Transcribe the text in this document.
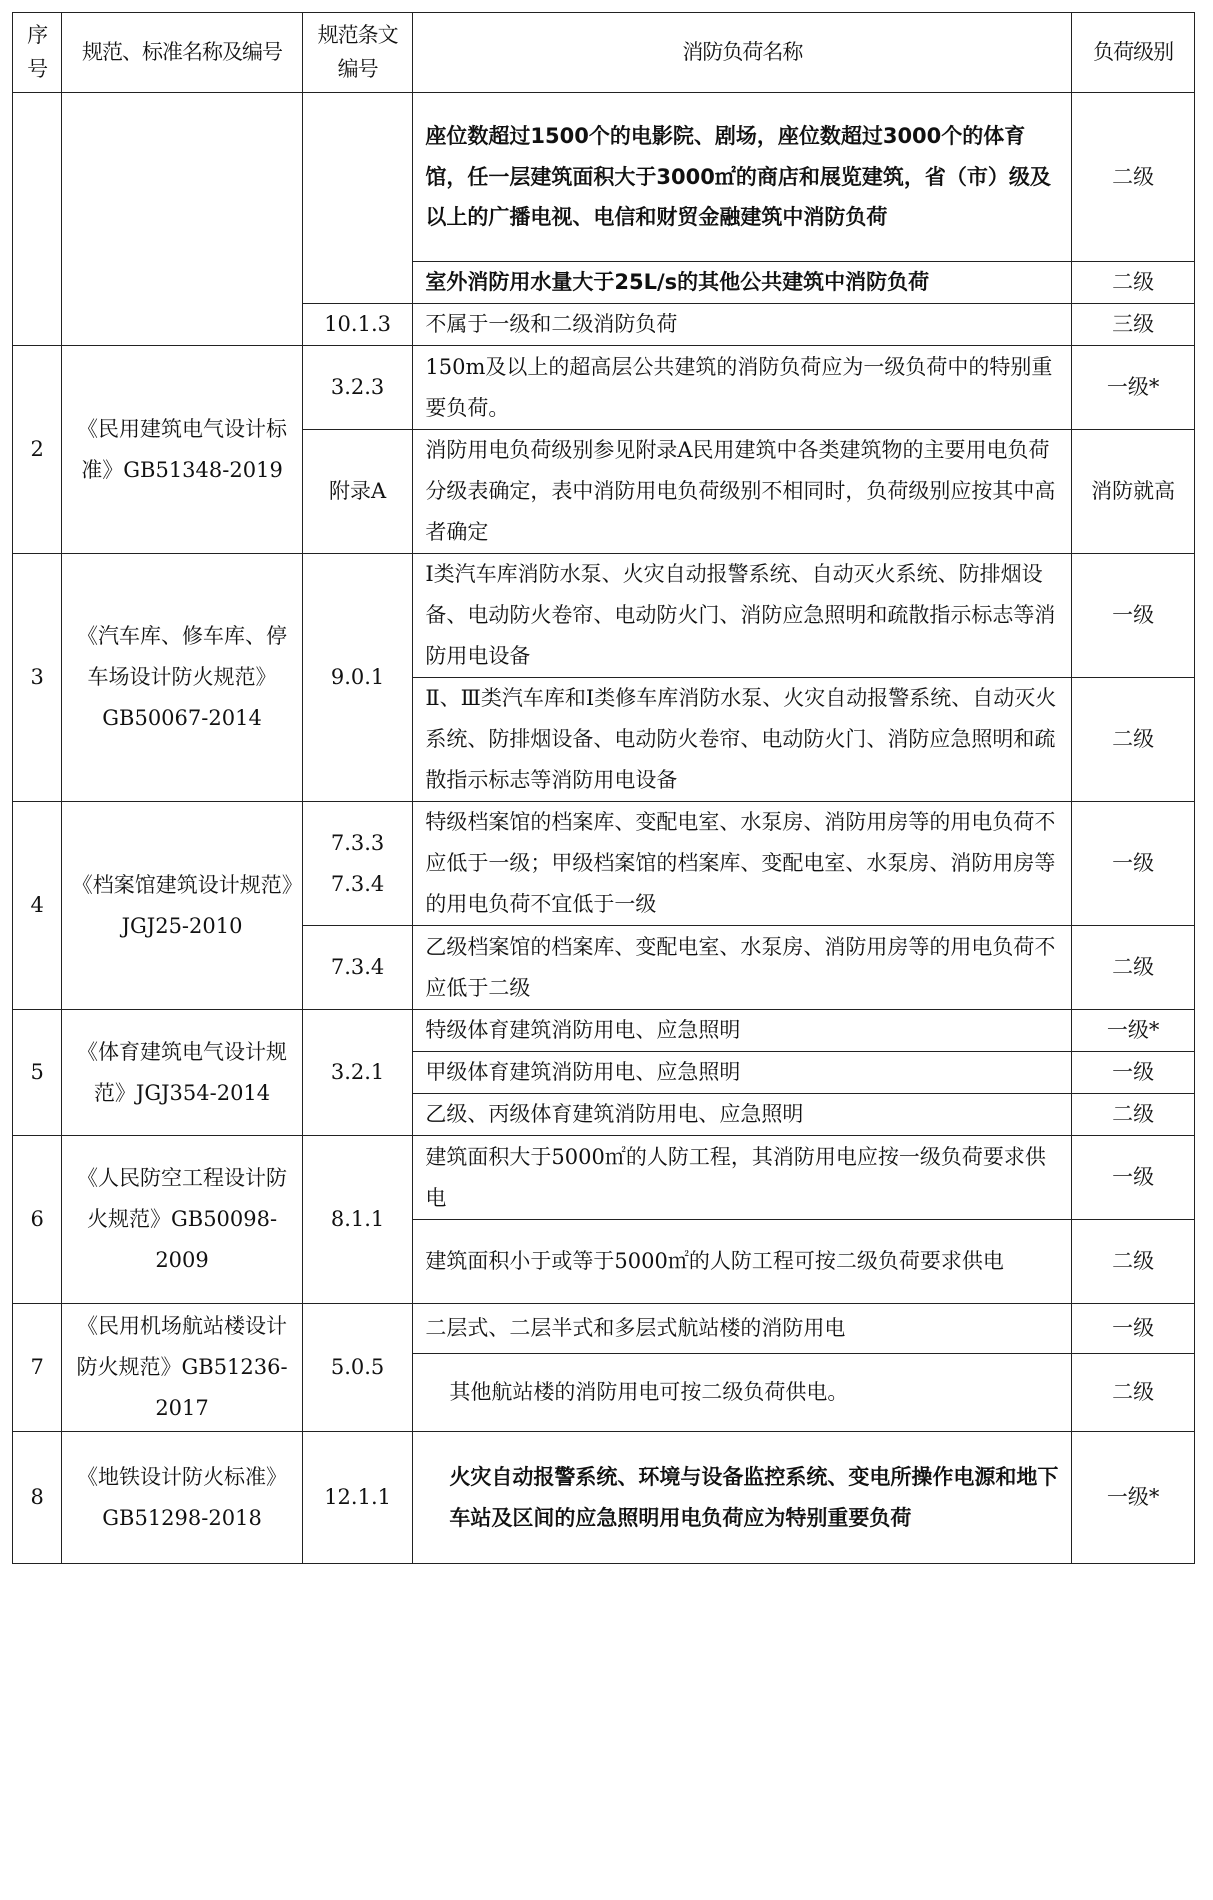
序号	规范、标准名称及编号	规范条文编号	消防负荷名称	负荷级别
			座位数超过1500个的电影院、剧场，座位数超过3000个的体育馆，任一层建筑面积大于3000㎡的商店和展览建筑，省（市）级及以上的广播电视、电信和财贸金融建筑中消防负荷	二级
			室外消防用水量大于25L/s的其他公共建筑中消防负荷	二级
		10.1.3	不属于一级和二级消防负荷	三级
2	《民用建筑电气设计标准》GB51348-2019	3.2.3	150m及以上的超高层公共建筑的消防负荷应为一级负荷中的特别重要负荷。	一级*
		附录A	消防用电负荷级别参见附录A民用建筑中各类建筑物的主要用电负荷分级表确定，表中消防用电负荷级别不相同时，负荷级别应按其中高者确定	消防就高
3	《汽车库、修车库、停车场设计防火规范》GB50067-2014	9.0.1	Ⅰ类汽车库消防水泵、火灾自动报警系统、自动灭火系统、防排烟设备、电动防火卷帘、电动防火门、消防应急照明和疏散指示标志等消防用电设备	一级
			Ⅱ、Ⅲ类汽车库和Ⅰ类修车库消防水泵、火灾自动报警系统、自动灭火系统、防排烟设备、电动防火卷帘、电动防火门、消防应急照明和疏散指示标志等消防用电设备	二级
4	《档案馆建筑设计规范》JGJ25-2010	7.3.3 7.3.4	特级档案馆的档案库、变配电室、水泵房、消防用房等的用电负荷不应低于一级；甲级档案馆的档案库、变配电室、水泵房、消防用房等的用电负荷不宜低于一级	一级
		7.3.4	乙级档案馆的档案库、变配电室、水泵房、消防用房等的用电负荷不应低于二级	二级
5	《体育建筑电气设计规范》JGJ354-2014	3.2.1	特级体育建筑消防用电、应急照明	一级*
			甲级体育建筑消防用电、应急照明	一级
			乙级、丙级体育建筑消防用电、应急照明	二级
6	《人民防空工程设计防火规范》GB50098-2009	8.1.1	建筑面积大于5000㎡的人防工程，其消防用电应按一级负荷要求供电	一级
			建筑面积小于或等于5000㎡的人防工程可按二级负荷要求供电	二级
7	《民用机场航站楼设计防火规范》GB51236-2017	5.0.5	二层式、二层半式和多层式航站楼的消防用电	一级
			其他航站楼的消防用电可按二级负荷供电。	二级
8	《地铁设计防火标准》GB51298-2018	12.1.1	火灾自动报警系统、环境与设备监控系统、变电所操作电源和地下车站及区间的应急照明用电负荷应为特别重要负荷	一级*
